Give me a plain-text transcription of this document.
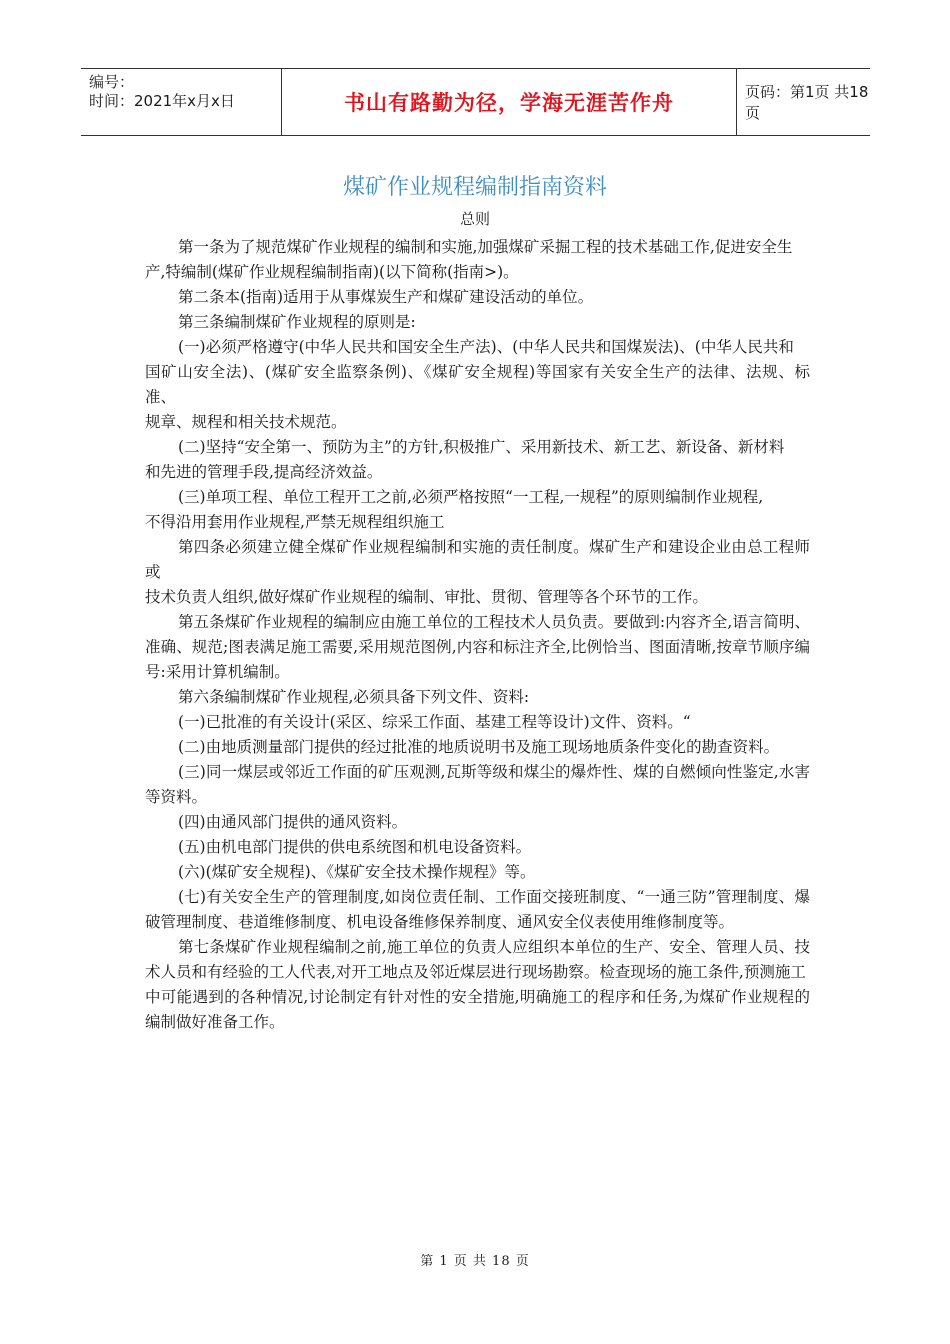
编号：
时间：2021年x月x日	书山有路勤为径，学海无涯苦作舟	页码：第1页 共18页
煤矿作业规程编制指南资料
总则

第一条为了规范煤矿作业规程的编制和实施,加强煤矿采掘工程的技术基础工作,促进安全生

产,特编制(煤矿作业规程编制指南)(以下简称(指南>)。

第二条本(指南)适用于从事煤炭生产和煤矿建设活动的单位。

第三条编制煤矿作业规程的原则是:

(一)必须严格遵守(中华人民共和国安全生产法)、(中华人民共和国煤炭法)、(中华人民共和

国矿山安全法)、(煤矿安全监察条例)、《煤矿安全规程)等国家有关安全生产的法律、法规、标准、

规章、规程和相关技术规范。

(二)坚持“安全第一、预防为主”的方针,积极推广、采用新技术、新工艺、新设备、新材料

和先进的管理手段,提高经济效益。

(三)单项工程、单位工程开工之前,必须严格按照“一工程,一规程”的原则编制作业规程,

不得沿用套用作业规程,严禁无规程组织施工

第四条必须建立健全煤矿作业规程编制和实施的责任制度。煤矿生产和建设企业由总工程师或

技术负责人组织,做好煤矿作业规程的编制、审批、贯彻、管理等各个环节的工作。

第五条煤矿作业规程的编制应由施工单位的工程技术人员负责。要做到:内容齐全,语言简明、准确、规范;图表满足施工需要,采用规范图例,内容和标注齐全,比例恰当、图面清晰,按章节顺序编号:采用计算机编制。

第六条编制煤矿作业规程,必须具备下列文件、资料:

(一)已批准的有关设计(采区、综采工作面、基建工程等设计)文件、资料。“

(二)由地质测量部门提供的经过批准的地质说明书及施工现场地质条件变化的勘查资料。

(三)同一煤层或邻近工作面的矿压观测,瓦斯等级和煤尘的爆炸性、煤的自燃倾向性鉴定,水害等资料。

(四)由通风部门提供的通风资料。

(五)由机电部门提供的供电系统图和机电设备资料。

(六)(煤矿安全规程)、《煤矿安全技术操作规程》等。

(七)有关安全生产的管理制度,如岗位责任制、工作面交接班制度、“一通三防”管理制度、爆破管理制度、巷道维修制度、机电设备维修保养制度、通风安全仪表使用维修制度等。

第七条煤矿作业规程编制之前,施工单位的负责人应组织本单位的生产、安全、管理人员、技术人员和有经验的工人代表,对开工地点及邻近煤层进行现场勘察。检查现场的施工条件,预测施工

中可能遇到的各种情况,讨论制定有针对性的安全措施,明确施工的程序和任务,为煤矿作业规程的编制做好准备工作。

第 1 页 共 18 页
